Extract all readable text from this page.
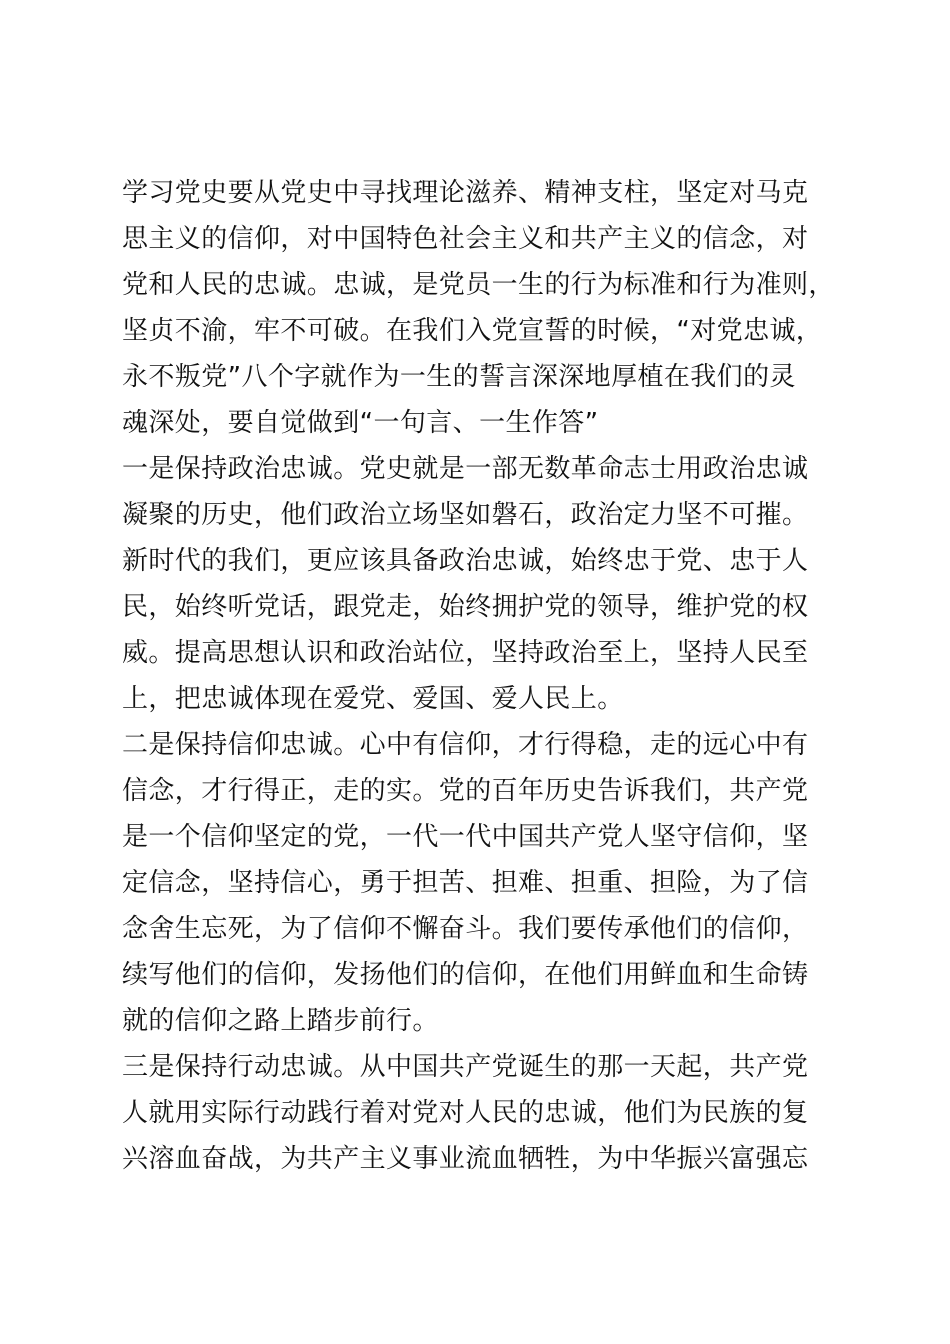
学习党史要从党史中寻找理论滋养、精神支柱，坚定对马克
思主义的信仰，对中国特色社会主义和共产主义的信念，对
党和人民的忠诚。忠诚，是党员一生的行为标准和行为准则，
坚贞不渝，牢不可破。在我们入党宣誓的时候，“对党忠诚，
永不叛党”八个字就作为一生的誓言深深地厚植在我们的灵
魂深处，要自觉做到“一句言、一生作答”
一是保持政治忠诚。党史就是一部无数革命志士用政治忠诚
凝聚的历史，他们政治立场坚如磐石，政治定力坚不可摧。
新时代的我们，更应该具备政治忠诚，始终忠于党、忠于人
民，始终听党话，跟党走，始终拥护党的领导，维护党的权
威。提高思想认识和政治站位，坚持政治至上，坚持人民至
上，把忠诚体现在爱党、爱国、爱人民上。
二是保持信仰忠诚。心中有信仰，才行得稳，走的远心中有
信念，才行得正，走的实。党的百年历史告诉我们，共产党
是一个信仰坚定的党，一代一代中国共产党人坚守信仰，坚
定信念，坚持信心，勇于担苦、担难、担重、担险，为了信
念舍生忘死，为了信仰不懈奋斗。我们要传承他们的信仰，
续写他们的信仰，发扬他们的信仰，在他们用鲜血和生命铸
就的信仰之路上踏步前行。
三是保持行动忠诚。从中国共产党诞生的那一天起，共产党
人就用实际行动践行着对党对人民的忠诚，他们为民族的复
兴溶血奋战，为共产主义事业流血牺牲，为中华振兴富强忘
